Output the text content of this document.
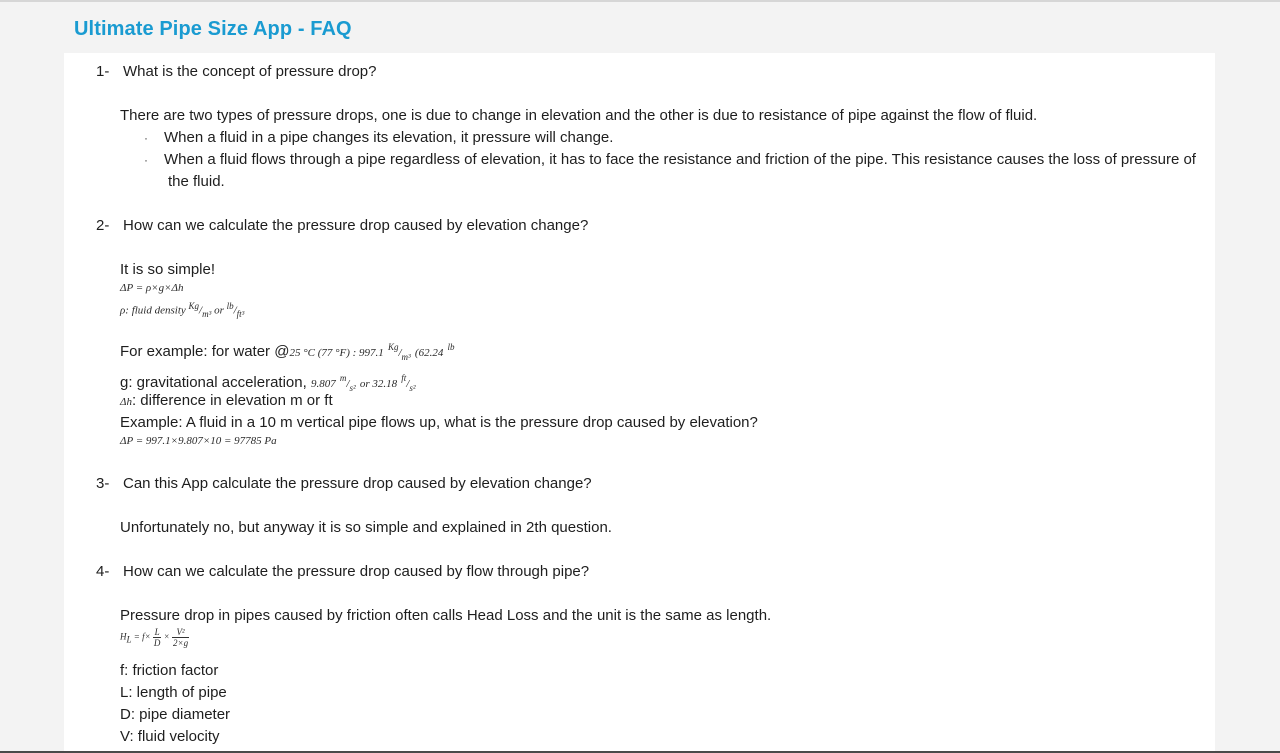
Ultimate Pipe Size App - FAQ
1- What is the concept of pressure drop?
There are two types of pressure drops, one is due to change in elevation and the other is due to resistance of pipe against the flow of fluid.
· When a fluid in a pipe changes its elevation, it pressure will change.
· When a fluid flows through a pipe regardless of elevation, it has to face the resistance and friction of the pipe. This resistance causes the loss of pressure of
the fluid.
2- How can we calculate the pressure drop caused by elevation change?
It is so simple!
ΔP = ρ×g×Δh
ρ: fluid density $^{Kg}/_{m^3}$ or $^{lb}/_{ft^3}$
For example: for water @25 °C (77 °F) : 997.1 $^{Kg}/_{m^3}$ (62.24 $^{lb}$
g: gravitational acceleration, 9.807 $^m/_{s^2}$ or 32.18 $^{ft}/_{s^2}$
Δh: difference in elevation m or ft
Example: A fluid in a 10 m vertical pipe flows up, what is the pressure drop caused by elevation?
ΔP = 997.1×9.807×10 = 97785 Pa
3- Can this App calculate the pressure drop caused by elevation change?
Unfortunately no, but anyway it is so simple and explained in 2th question.
4- How can we calculate the pressure drop caused by flow through pipe?
Pressure drop in pipes caused by friction often calls Head Loss and the unit is the same as length.
$H_L = f\times \frac{L}{D} \times \frac{\text{V²}}{2\times g}$
f: friction factor
L: length of pipe
D: pipe diameter
V: fluid velocity
